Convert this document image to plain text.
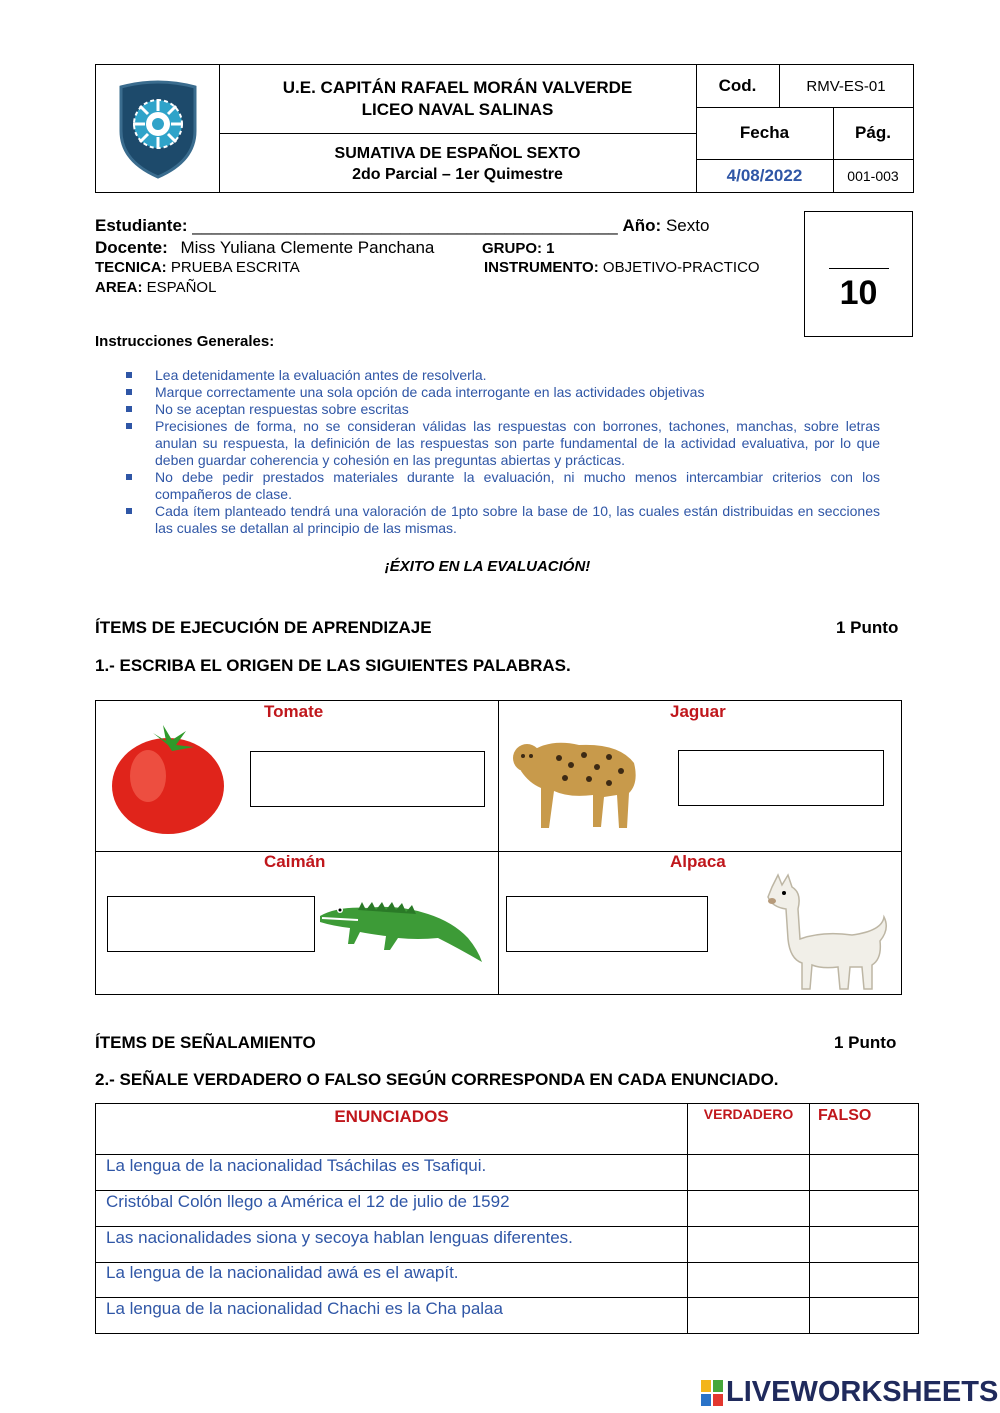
U.E. CAPITÁN RAFAEL MORÁN VALVERDE
LICEO NAVAL SALINAS
SUMATIVA DE ESPAÑOL SEXTO
2do Parcial – 1er Quimestre
Cod.	RMV-ES-01
Fecha	Pág.
4/08/2022	001-003
Estudiante: _____________________________________________ Año: Sexto
Docente: Miss Yuliana Clemente Panchana	GRUPO: 1
TECNICA: PRUEBA ESCRITA	INSTRUMENTO: OBJETIVO-PRACTICO
AREA: ESPAÑOL	10
Instrucciones Generales:
Lea detenidamente la evaluación antes de resolverla.
Marque correctamente una sola opción de cada interrogante en las actividades objetivas
No se aceptan respuestas sobre escritas
Precisiones de forma, no se consideran válidas las respuestas con borrones, tachones, manchas, sobre letras anulan su respuesta, la definición de las respuestas son parte fundamental de la actividad evaluativa, por lo que deben guardar coherencia y cohesión en las preguntas abiertas y prácticas.
No debe pedir prestados materiales durante la evaluación, ni mucho menos intercambiar criterios con los compañeros de clase.
Cada ítem planteado tendrá una valoración de 1pto sobre la base de 10, las cuales están distribuidas en secciones las cuales se detallan al principio de las mismas.
¡ÉXITO EN LA EVALUACIÓN!
ÍTEMS DE EJECUCIÓN DE APRENDIZAJE	1 Punto
1.- ESCRIBA EL ORIGEN DE LAS SIGUIENTES PALABRAS.
Tomate	Jaguar
Caimán	Alpaca
ÍTEMS DE SEÑALAMIENTO	1 Punto
2.- SEÑALE VERDADERO O FALSO SEGÚN CORRESPONDA EN CADA ENUNCIADO.
ENUNCIADOS	VERDADERO	FALSO
La lengua de la nacionalidad Tsáchilas es Tsafiqui.
Cristóbal Colón llego a América el 12 de julio de 1592
Las nacionalidades siona y secoya hablan lenguas diferentes.
La lengua de la nacionalidad awá es el awapít.
La lengua de la nacionalidad Chachi es la Cha palaa
LIVEWORKSHEETS
